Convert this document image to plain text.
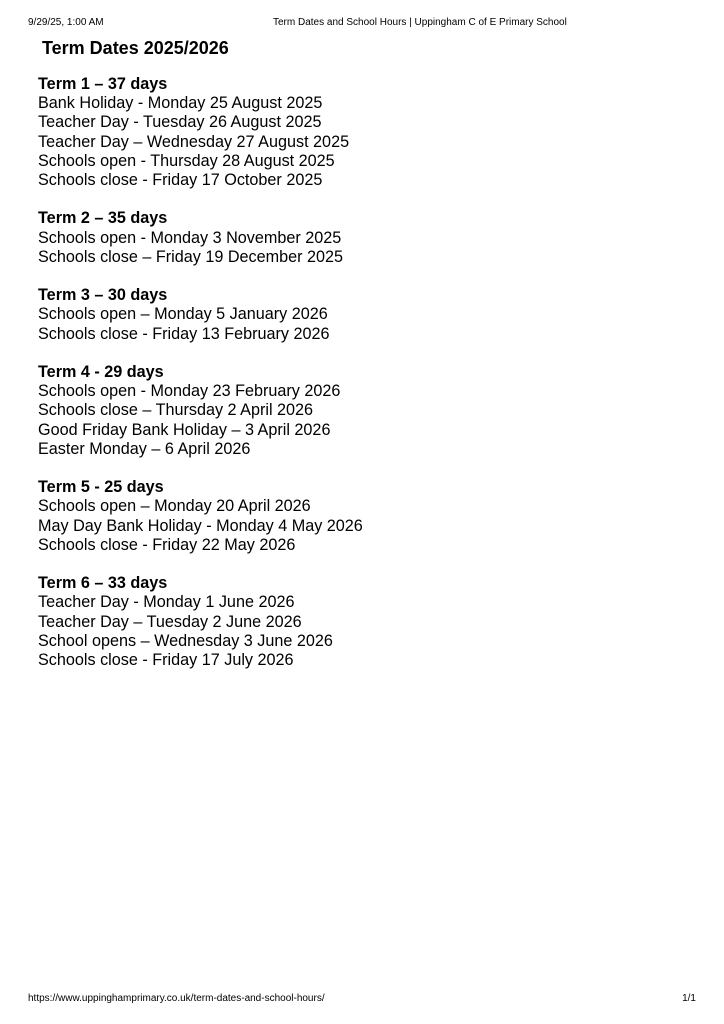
9/29/25, 1:00 AM	Term Dates and School Hours | Uppingham C of E Primary School
Term Dates 2025/2026
Term 1 – 37 days
Bank Holiday - Monday 25 August 2025
Teacher Day - Tuesday 26 August 2025
Teacher Day – Wednesday 27 August 2025
Schools open - Thursday 28 August 2025
Schools close - Friday 17 October 2025
Term 2 – 35 days
Schools open - Monday 3 November 2025
Schools close – Friday 19 December 2025
Term 3 – 30 days
Schools open – Monday 5 January 2026
Schools close - Friday 13 February 2026
Term 4 - 29 days
Schools open - Monday 23 February 2026
Schools close – Thursday 2 April 2026
Good Friday Bank Holiday – 3 April 2026
Easter Monday – 6 April 2026
Term 5 - 25 days
Schools open – Monday 20 April 2026
May Day Bank Holiday - Monday 4 May 2026
Schools close - Friday 22 May 2026
Term 6 – 33 days
Teacher Day - Monday 1 June 2026
Teacher Day – Tuesday 2 June 2026
School opens – Wednesday 3 June 2026
Schools close - Friday 17 July 2026
https://www.uppinghamprimary.co.uk/term-dates-and-school-hours/	1/1
